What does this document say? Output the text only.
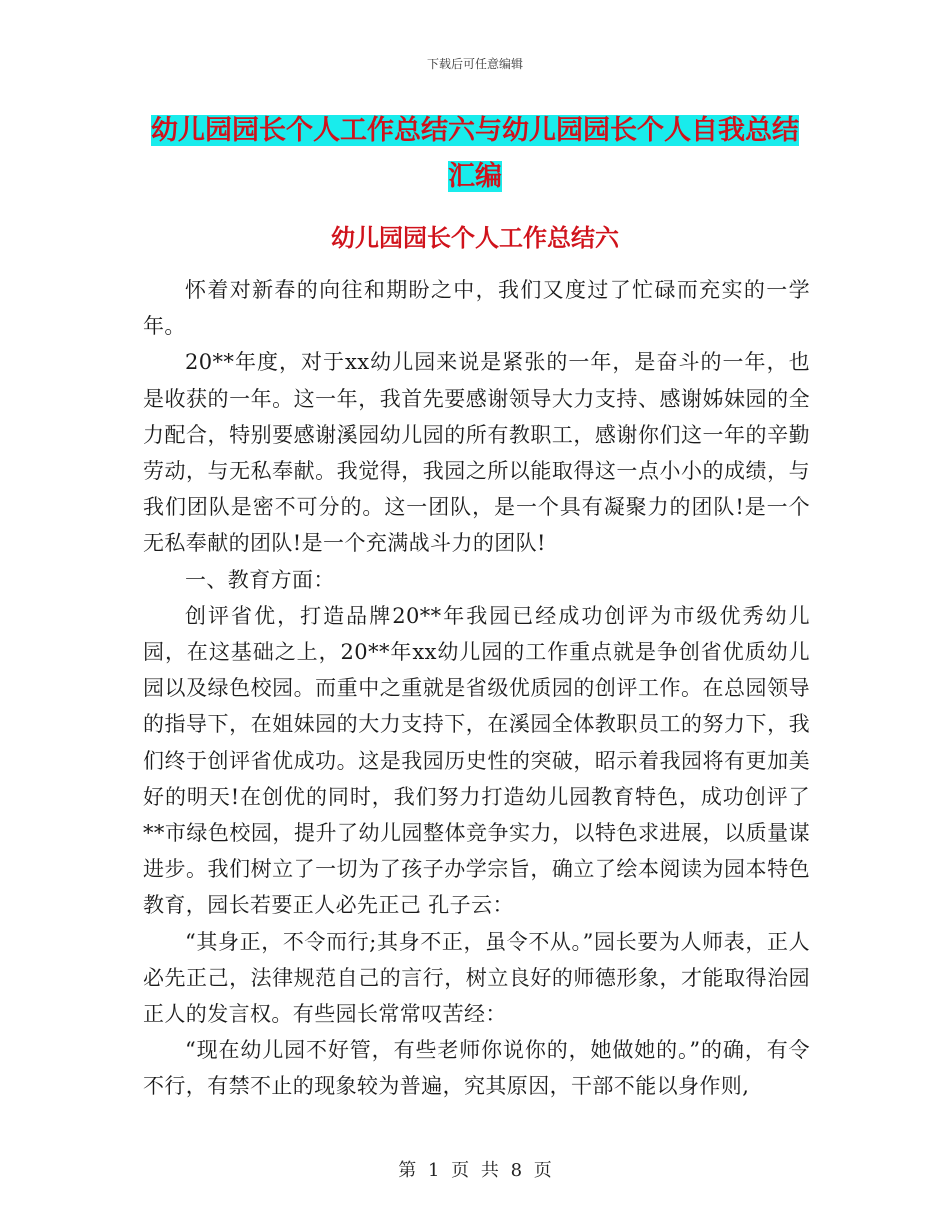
下载后可任意编辑
幼儿园园长个人工作总结六与幼儿园园长个人自我总结汇编
幼儿园园长个人工作总结六

怀着对新春的向往和期盼之中，我们又度过了忙碌而充实的一学年。

20**年度，对于xx幼儿园来说是紧张的一年，是奋斗的一年，也是收获的一年。这一年，我首先要感谢领导大力支持、感谢姊妹园的全力配合，特别要感谢溪园幼儿园的所有教职工，感谢你们这一年的辛勤劳动，与无私奉献。我觉得，我园之所以能取得这一点小小的成绩，与我们团队是密不可分的。这一团队，是一个具有凝聚力的团队!是一个无私奉献的团队!是一个充满战斗力的团队!

一、教育方面：

创评省优，打造品牌20**年我园已经成功创评为市级优秀幼儿园，在这基础之上，20**年xx幼儿园的工作重点就是争创省优质幼儿园以及绿色校园。而重中之重就是省级优质园的创评工作。在总园领导的指导下，在姐妹园的大力支持下，在溪园全体教职员工的努力下，我们终于创评省优成功。这是我园历史性的突破，昭示着我园将有更加美好的明天!在创优的同时，我们努力打造幼儿园教育特色，成功创评了**市绿色校园，提升了幼儿园整体竞争实力，以特色求进展，以质量谋进步。我们树立了一切为了孩子办学宗旨，确立了绘本阅读为园本特色教育，园长若要正人必先正己 孔子云：

“其身正，不令而行;其身不正，虽令不从。”园长要为人师表，正人必先正己，法律规范自己的言行，树立良好的师德形象，才能取得治园正人的发言权。有些园长常常叹苦经：

“现在幼儿园不好管，有些老师你说你的，她做她的。”的确，有令不行，有禁不止的现象较为普遍，究其原因，干部不能以身作则,

第 1 页 共 8 页
